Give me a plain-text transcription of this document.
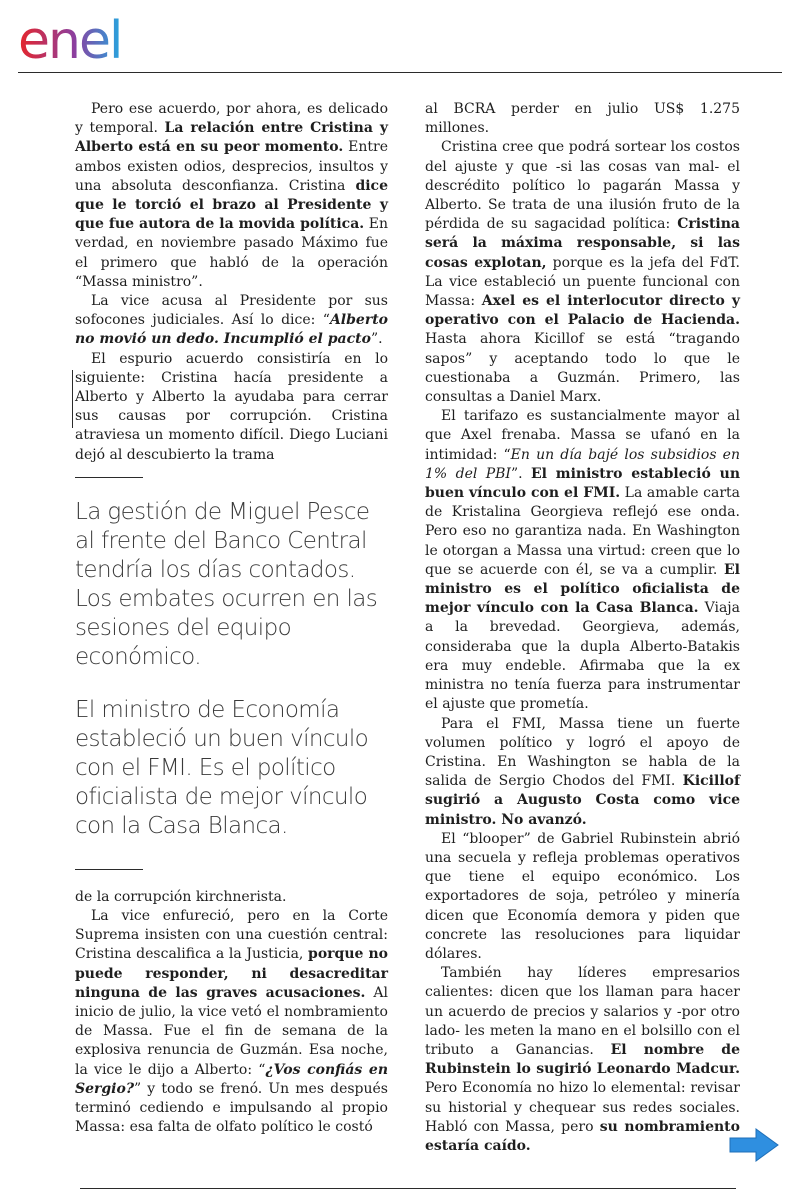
enel

Pero ese acuerdo, por ahora, es delicado y temporal. La relación entre Cristina y Alberto está en su peor momento. Entre ambos existen odios, desprecios, insultos y una absoluta desconfianza. Cristina dice que le torció el brazo al Presidente y que fue autora de la movida política. En verdad, en noviembre pasado Máximo fue el primero que habló de la operación “Massa ministro”.

La vice acusa al Presidente por sus sofocones judiciales. Así lo dice: “Alberto no movió un dedo. Incumplió el pacto”.

El espurio acuerdo consistiría en lo siguiente: Cristina hacía presidente a Alberto y Alberto la ayudaba para cerrar sus causas por corrupción. Cristina atraviesa un momento difícil. Diego Luciani dejó al descubierto la trama

La gestión de Miguel Pesce al frente del Banco Central tendría los días contados. Los embates ocurren en las sesiones del equipo económico.

El ministro de Economía estableció un buen vínculo con el FMI. Es el político oficialista de mejor vínculo con la Casa Blanca.

de la corrupción kirchnerista.

La vice enfureció, pero en la Corte Suprema insisten con una cuestión central: Cristina descalifica a la Justicia, porque no puede responder, ni desacreditar ninguna de las graves acusaciones. Al inicio de julio, la vice vetó el nombramiento de Massa. Fue el fin de semana de la explosiva renuncia de Guzmán. Esa noche, la vice le dijo a Alberto: “¿Vos confiás en Sergio?” y todo se frenó. Un mes después terminó cediendo e impulsando al propio Massa: esa falta de olfato político le costó

al BCRA perder en julio US$ 1.275 millones.

Cristina cree que podrá sortear los costos del ajuste y que -si las cosas van mal- el descrédito político lo pagarán Massa y Alberto. Se trata de una ilusión fruto de la pérdida de su sagacidad política: Cristina será la máxima responsable, si las cosas explotan, porque es la jefa del FdT. La vice estableció un puente funcional con Massa: Axel es el interlocutor directo y operativo con el Palacio de Hacienda. Hasta ahora Kicillof se está “tragando sapos” y aceptando todo lo que le cuestionaba a Guzmán. Primero, las consultas a Daniel Marx.

El tarifazo es sustancialmente mayor al que Axel frenaba. Massa se ufanó en la intimidad: “En un día bajé los subsidios en 1% del PBI”. El ministro estableció un buen vínculo con el FMI. La amable carta de Kristalina Georgieva reflejó ese onda. Pero eso no garantiza nada. En Washington le otorgan a Massa una virtud: creen que lo que se acuerde con él, se va a cumplir. El ministro es el político oficialista de mejor vínculo con la Casa Blanca. Viaja a la brevedad. Georgieva, además, consideraba que la dupla Alberto-Batakis era muy endeble. Afirmaba que la ex ministra no tenía fuerza para instrumentar el ajuste que prometía.

Para el FMI, Massa tiene un fuerte volumen político y logró el apoyo de Cristina. En Washington se habla de la salida de Sergio Chodos del FMI. Kicillof sugirió a Augusto Costa como vice ministro. No avanzó.

El “blooper” de Gabriel Rubinstein abrió una secuela y refleja problemas operativos que tiene el equipo económico. Los exportadores de soja, petróleo y minería dicen que Economía demora y piden que concrete las resoluciones para liquidar dólares.

También hay líderes empresarios calientes: dicen que los llaman para hacer un acuerdo de precios y salarios y -por otro lado- les meten la mano en el bolsillo con el tributo a Ganancias. El nombre de Rubinstein lo sugirió Leonardo Madcur. Pero Economía no hizo lo elemental: revisar su historial y chequear sus redes sociales. Habló con Massa, pero su nombramiento estaría caído.
